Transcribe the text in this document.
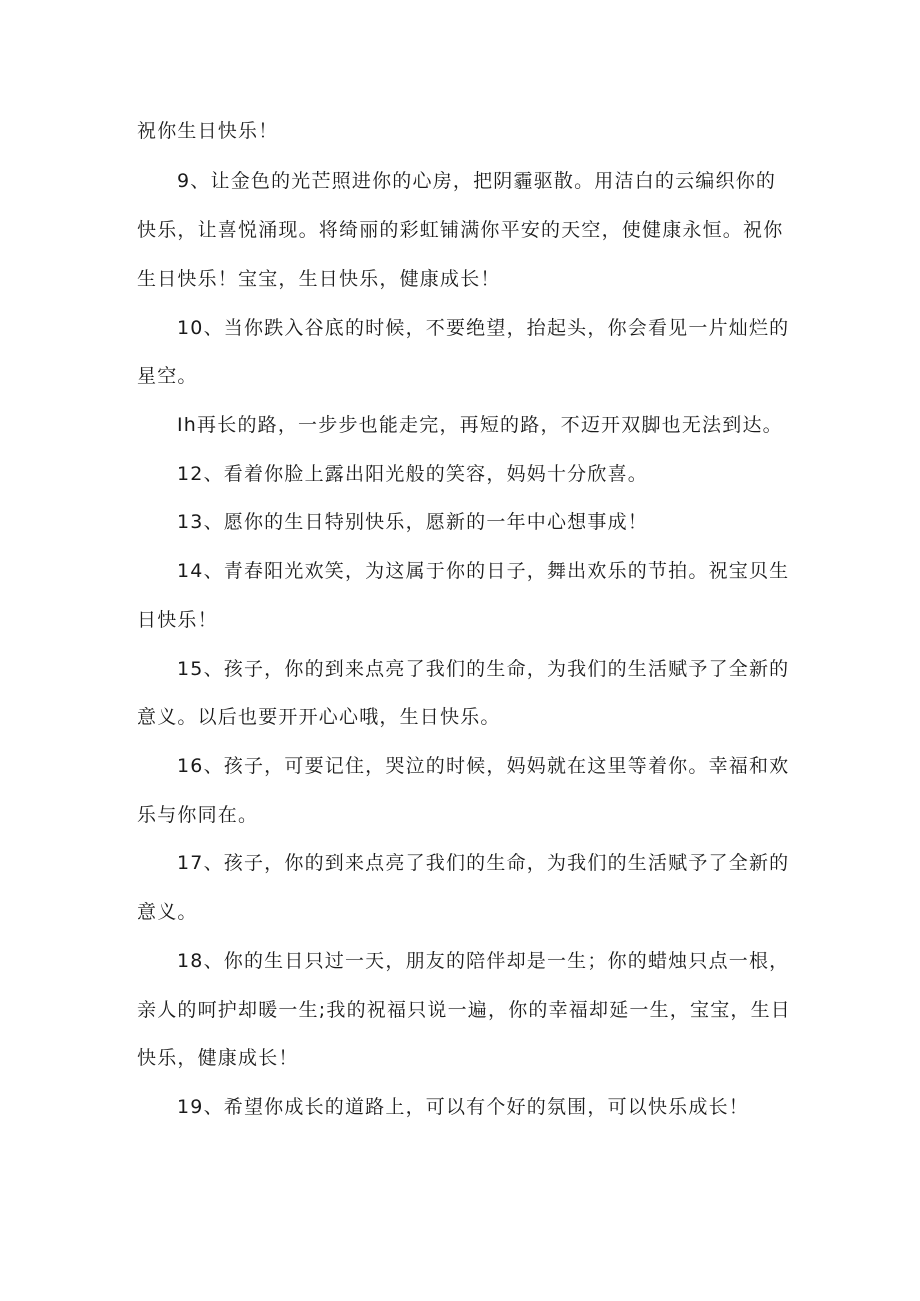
祝你生日快乐！
9、让金色的光芒照进你的心房，把阴霾驱散。用洁白的云编织你的
快乐，让喜悦涌现。将绮丽的彩虹铺满你平安的天空，使健康永恒。祝你
生日快乐！宝宝，生日快乐，健康成长！
10、当你跌入谷底的时候，不要绝望，抬起头，你会看见一片灿烂的
星空。
Ih再长的路，一步步也能走完，再短的路，不迈开双脚也无法到达。
12、看着你脸上露出阳光般的笑容，妈妈十分欣喜。
13、愿你的生日特别快乐，愿新的一年中心想事成！
14、青春阳光欢笑，为这属于你的日子，舞出欢乐的节拍。祝宝贝生
日快乐！
15、孩子，你的到来点亮了我们的生命，为我们的生活赋予了全新的
意义。以后也要开开心心哦，生日快乐。
16、孩子，可要记住，哭泣的时候，妈妈就在这里等着你。幸福和欢
乐与你同在。
17、孩子，你的到来点亮了我们的生命，为我们的生活赋予了全新的
意义。
18、你的生日只过一天，朋友的陪伴却是一生；你的蜡烛只点一根，
亲人的呵护却暖一生;我的祝福只说一遍，你的幸福却延一生，宝宝，生日
快乐，健康成长！
19、希望你成长的道路上，可以有个好的氛围，可以快乐成长！
